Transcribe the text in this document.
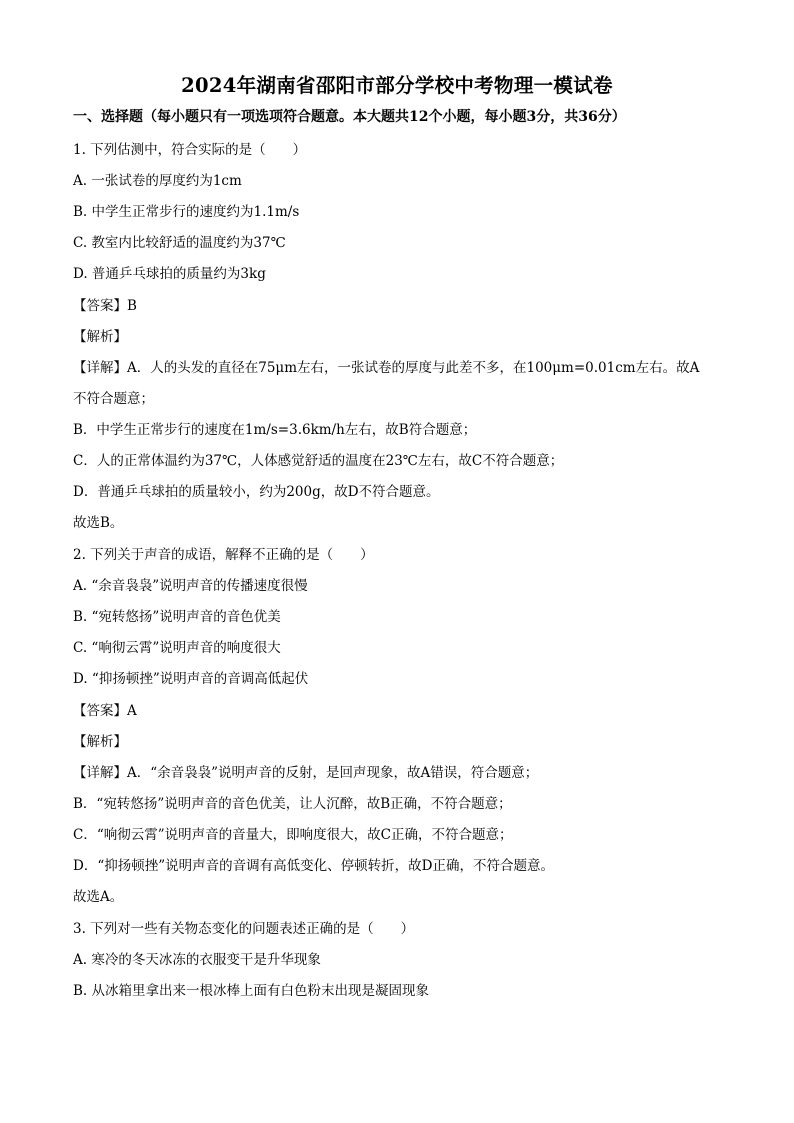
2024年湖南省邵阳市部分学校中考物理一模试卷
一、选择题（每小题只有一项选项符合题意。本大题共12个小题，每小题3分，共36分）
1. 下列估测中，符合实际的是（　　）
A. 一张试卷的厚度约为1cm
B. 中学生正常步行的速度约为1.1m/s
C. 教室内比较舒适的温度约为37℃
D. 普通乒乓球拍的质量约为3kg
【答案】B
【解析】
【详解】A．人的头发的直径在75μm左右，一张试卷的厚度与此差不多，在100μm=0.01cm左右。故A
不符合题意；
B．中学生正常步行的速度在1m/s=3.6km/h左右，故B符合题意；
C．人的正常体温约为37℃，人体感觉舒适的温度在23℃左右，故C不符合题意；
D．普通乒乓球拍的质量较小，约为200g，故D不符合题意。
故选B。
2. 下列关于声音的成语，解释不正确的是（　　）
A. “余音袅袅”说明声音的传播速度很慢
B. “宛转悠扬”说明声音的音色优美
C. “响彻云霄”说明声音的响度很大
D. “抑扬顿挫”说明声音的音调高低起伏
【答案】A
【解析】
【详解】A．“余音袅袅”说明声音的反射，是回声现象，故A错误，符合题意；
B．“宛转悠扬”说明声音的音色优美，让人沉醉，故B正确，不符合题意；
C．“响彻云霄”说明声音的音量大，即响度很大，故C正确，不符合题意；
D．“抑扬顿挫”说明声音的音调有高低变化、停顿转折，故D正确，不符合题意。
故选A。
3. 下列对一些有关物态变化的问题表述正确的是（　　）
A. 寒冷的冬天冰冻的衣服变干是升华现象
B. 从冰箱里拿出来一根冰棒上面有白色粉末出现是凝固现象
